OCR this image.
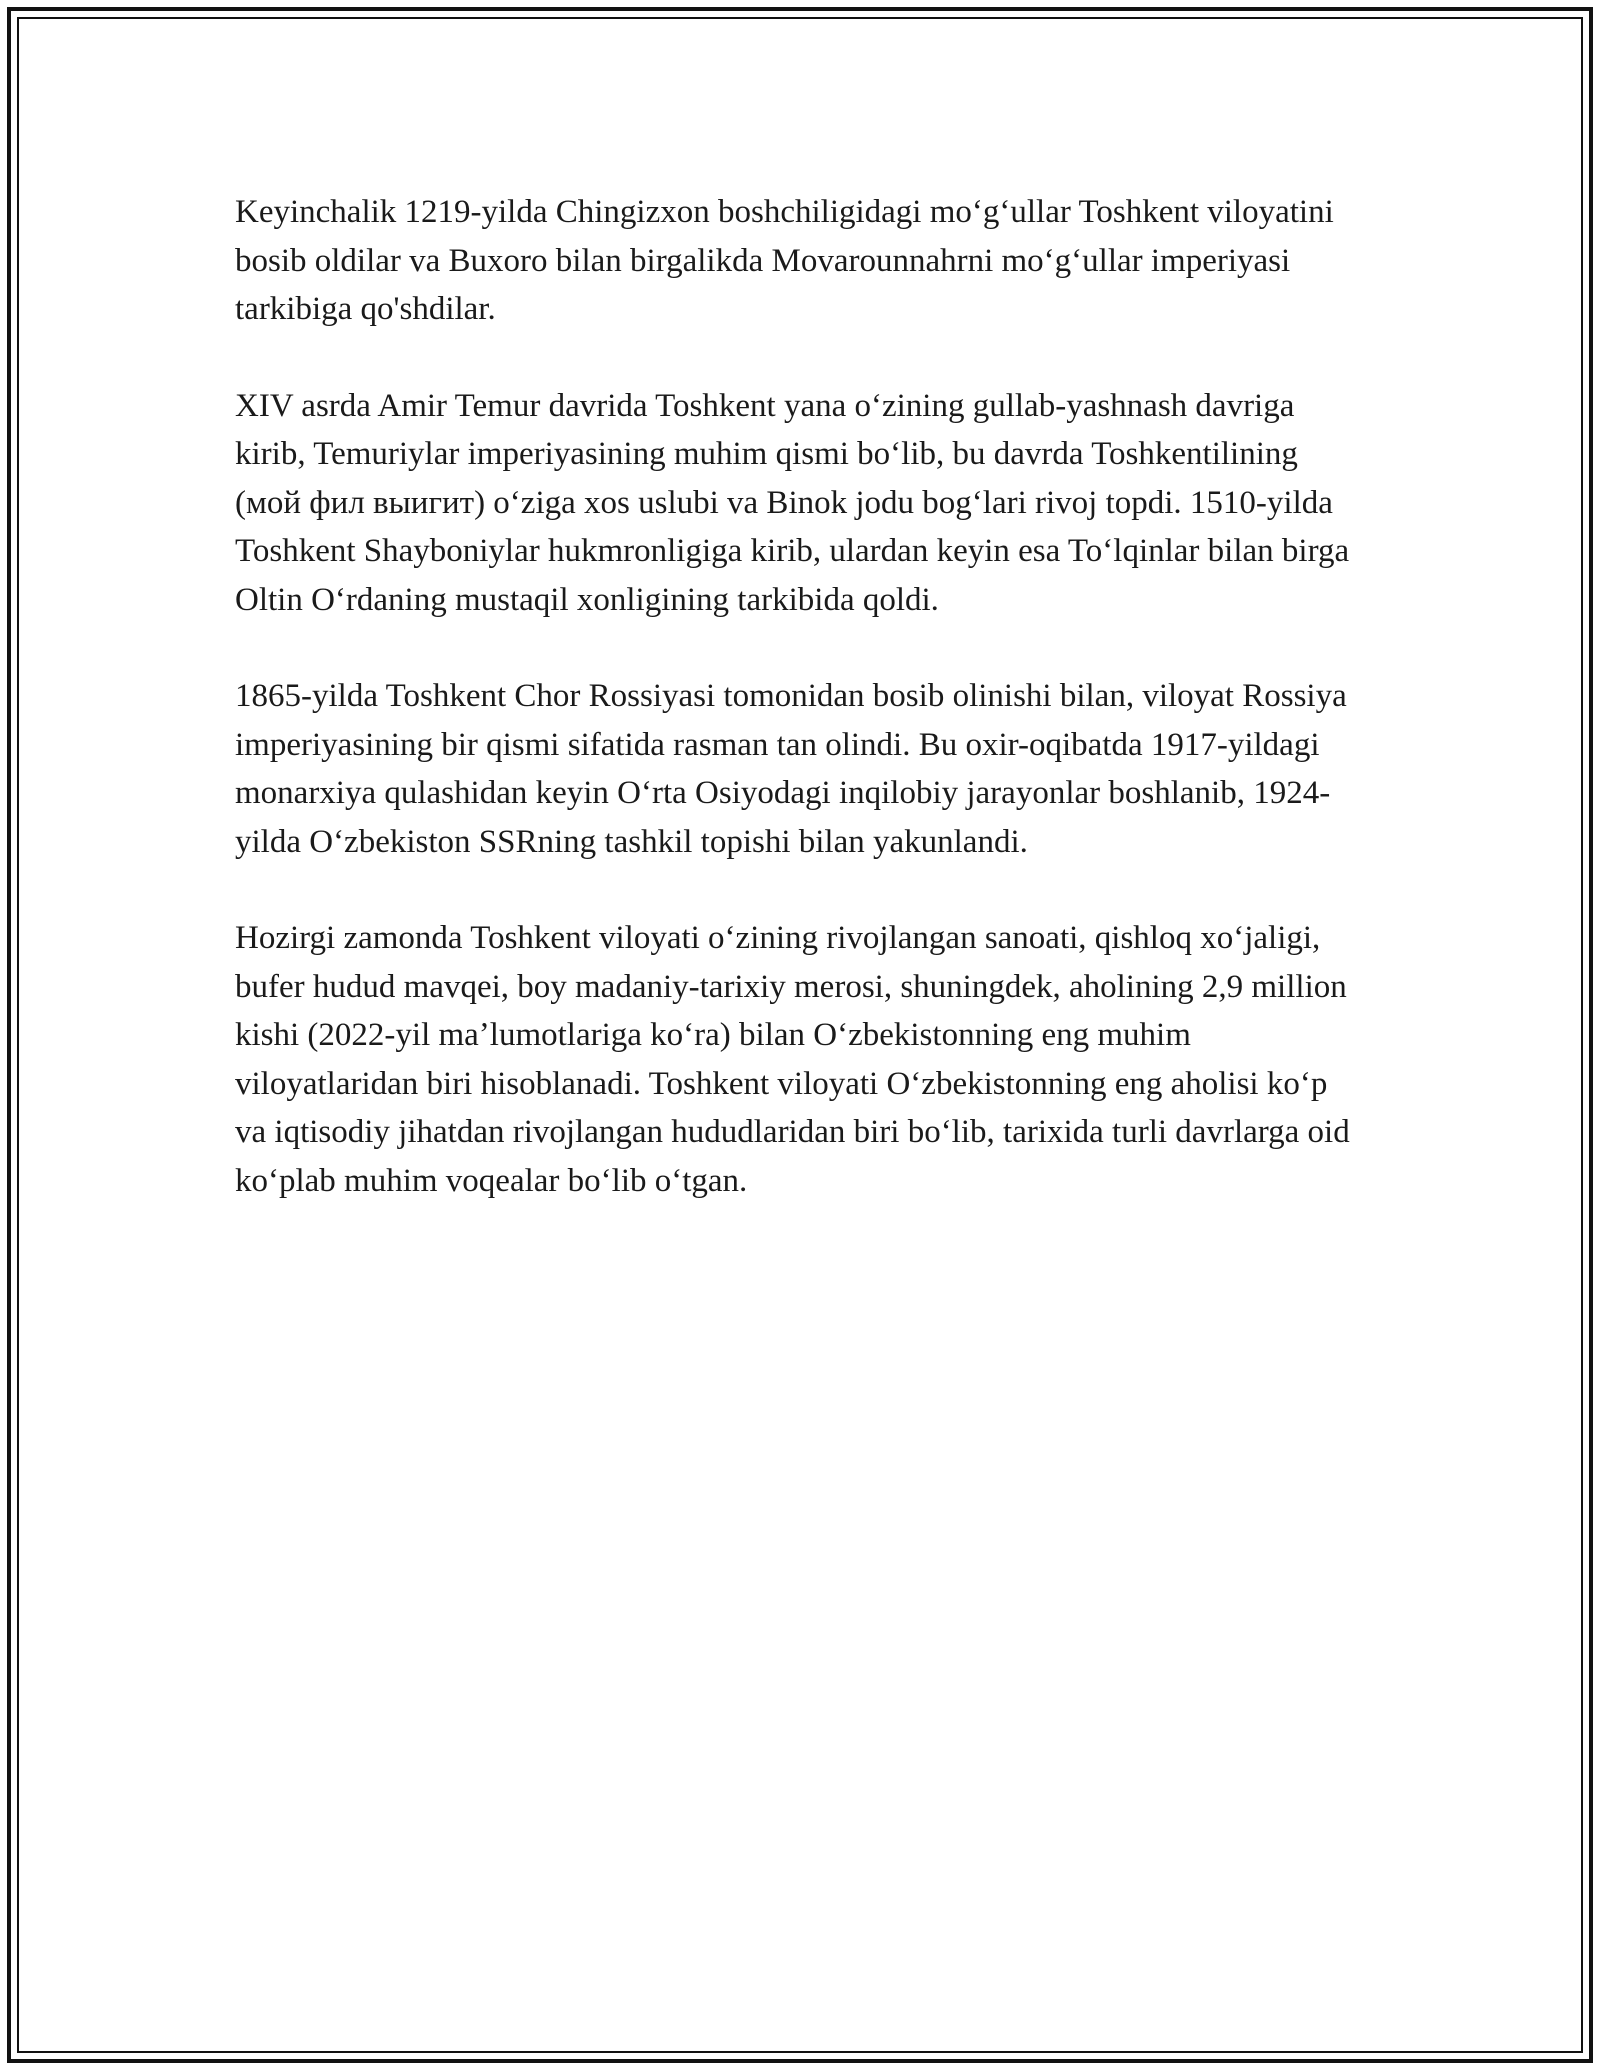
Keyinchalik 1219-yilda Chingizxon boshchiligidagi moʻgʻullar Toshkent viloyatini bosib oldilar va Buxoro bilan birgalikda Movarounnahrni moʻgʻullar imperiyasi tarkibiga qo'shdilar.

XIV asrda Amir Temur davrida Toshkent yana oʻzining gullab-yashnash davriga kirib, Temuriylar imperiyasining muhim qismi boʻlib, bu davrda Toshkentilining (мой фил выигит) oʻziga xos uslubi va Binok jodu bogʻlari rivoj topdi. 1510-yilda Toshkent Shayboniylar hukmronligiga kirib, ulardan keyin esa Toʻlqinlar bilan birga Oltin Oʻrdaning mustaqil xonligining tarkibida qoldi.

1865-yilda Toshkent Chor Rossiyasi tomonidan bosib olinishi bilan, viloyat Rossiya imperiyasining bir qismi sifatida rasman tan olindi. Bu oxir-oqibatda 1917-yildagi monarxiya qulashidan keyin Oʻrta Osiyodagi inqilobiy jarayonlar boshlanib, 1924-yilda Oʻzbekiston SSRning tashkil topishi bilan yakunlandi.

Hozirgi zamonda Toshkent viloyati oʻzining rivojlangan sanoati, qishloq xoʻjaligi, bufer hudud mavqei, boy madaniy-tarixiy merosi, shuningdek, aholining 2,9 million kishi (2022-yil maʼlumotlariga koʻra) bilan Oʻzbekistonning eng muhim viloyatlaridan biri hisoblanadi. Toshkent viloyati Oʻzbekistonning eng aholisi koʻp va iqtisodiy jihatdan rivojlangan hududlaridan biri boʻlib, tarixida turli davrlarga oid koʻplab muhim voqealar boʻlib oʻtgan.
